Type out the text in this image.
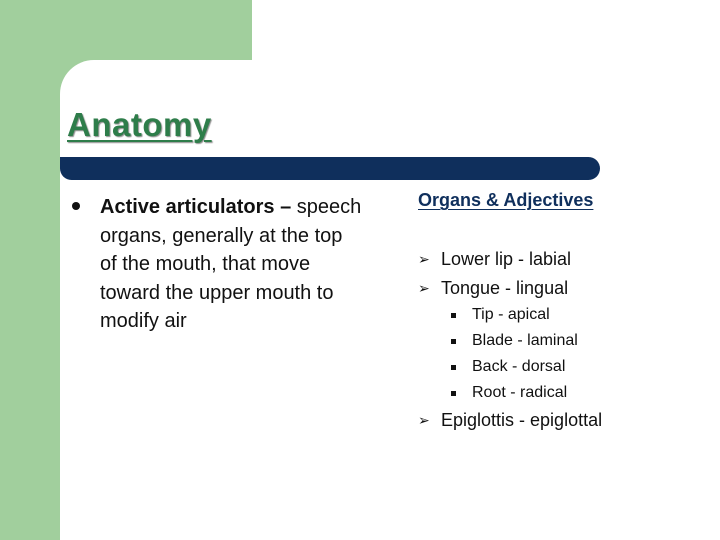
Anatomy
Active articulators – speech organs, generally at the top of the mouth, that move toward the upper mouth to modify air

Organs & Adjectives

➢ Lower lip - labial
➢ Tongue - lingual
Tip - apical
Blade - laminal
Back - dorsal
Root - radical
➢ Epiglottis - epiglottal
